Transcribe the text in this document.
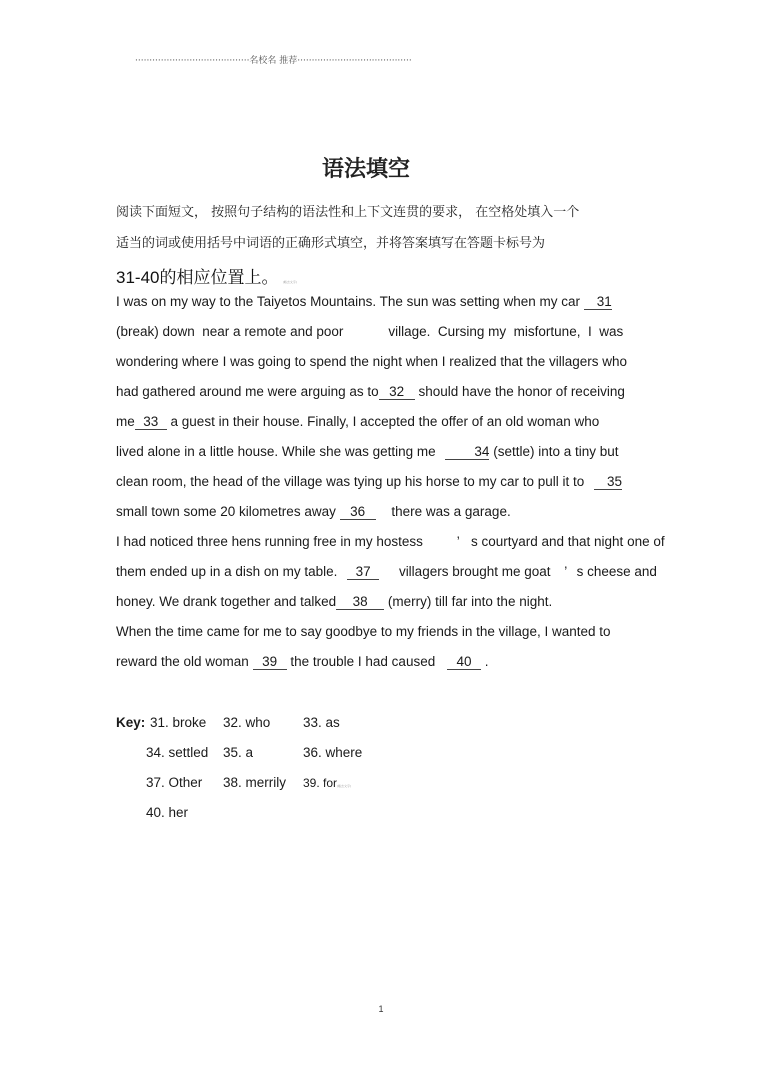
········································名校名 推荐········································
语法填空
阅读下面短文， 按照句子结构的语法性和上下文连贯的要求， 在空格处填入一个
适当的词或使用括号中词语的正确形式填空，并将答案填写在答题卡标号为
31-40的相应位置上。 (略去文字)
I was on my way to the Taiyetos Mountains. The sun was setting when my car 31
(break) down  near a remote and poor            village.  Cursing my  misfortune,  I  was
wondering where I was going to spend the night when I realized that the villagers who
had gathered around me were arguing as to 32 should have the honor of receiving
me 33 a guest in their house. Finally, I accepted the offer of an old woman who
lived alone in a little house. While she was getting me	34 (settle) into a tiny but
clean room, the head of the village was tying up his horse to my car to pull it to 35
small town some 20 kilometres away 36 there was a garage.
I had noticed three hens running free in my hostess	’ s courtyard and that night one of
them ended up in a dish on my table. 37 villagers brought me goat ’ s cheese and
honey. We drank together and talked 38 (merry) till far into the night.
When the time came for me to say goodbye to my friends in the village, I wanted to
reward the old woman 39 the trouble I had caused 40 .
Key: 31. broke 32. who 33. as
34. settled 35. a	36. where
37. Other 38. merrily 39. for(略去文字)
40. her
1
